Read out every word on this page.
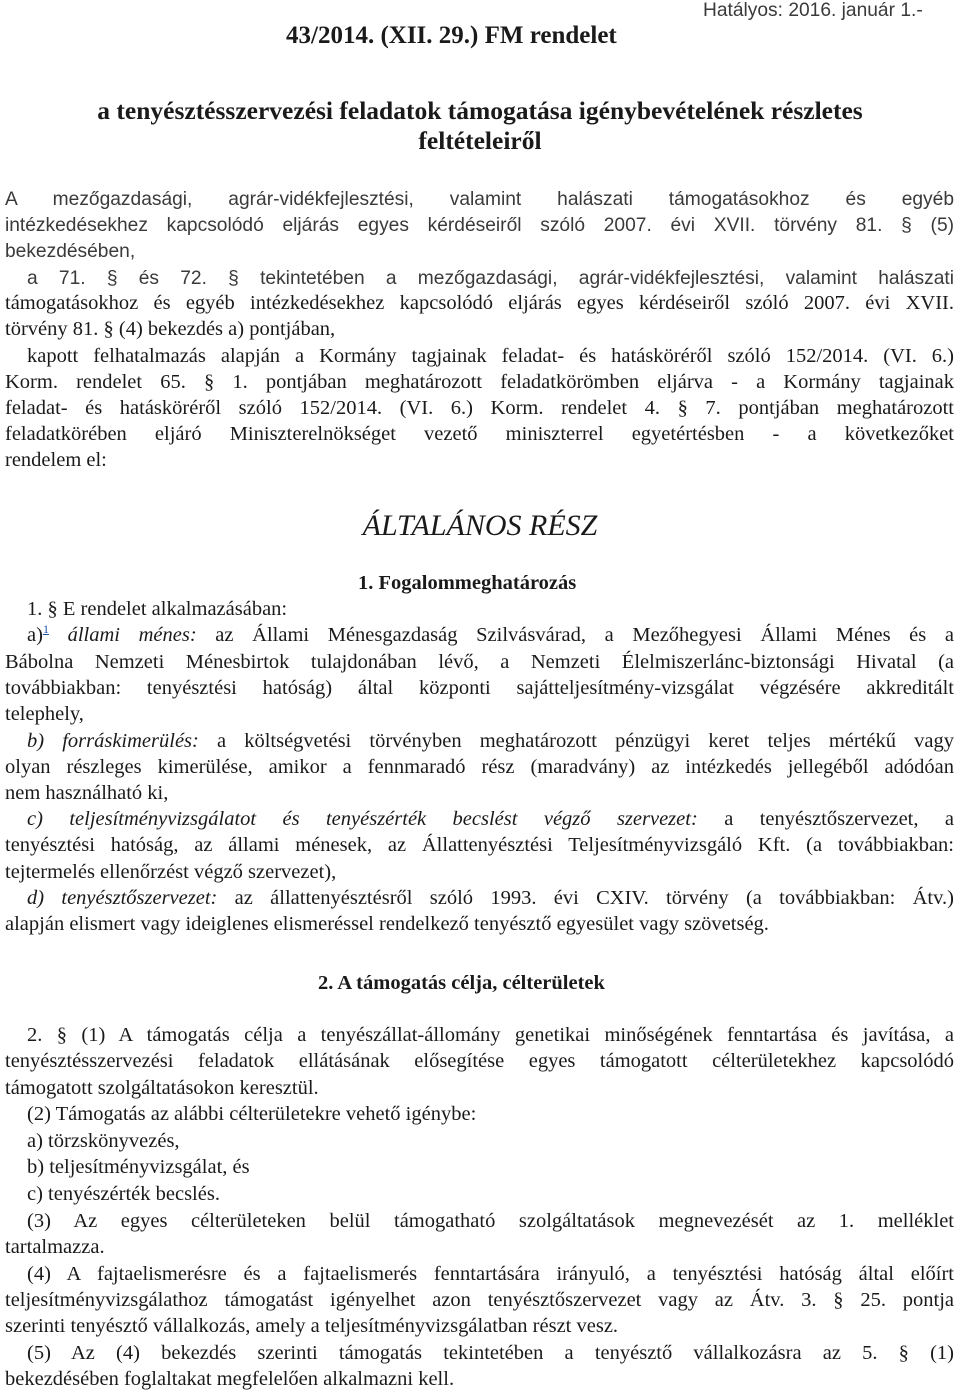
43/2014. (XII. 29.) FM rendelet
Hatályos: 2016. január 1.-
a tenyésztésszervezési feladatok támogatása igénybevételének részletes
feltételeiről
A mezőgazdasági, agrár-vidékfejlesztési, valamint halászati támogatásokhoz és egyéb
intézkedésekhez kapcsolódó eljárás egyes kérdéseiről szóló 2007. évi XVII. törvény 81. § (5)
bekezdésében,
a 71. § és 72. § tekintetében a mezőgazdasági, agrár-vidékfejlesztési, valamint halászati
támogatásokhoz és egyéb intézkedésekhez kapcsolódó eljárás egyes kérdéseiről szóló 2007. évi XVII.
törvény 81. § (4) bekezdés a) pontjában,
kapott felhatalmazás alapján a Kormány tagjainak feladat- és hatásköréről szóló 152/2014. (VI. 6.)
Korm. rendelet 65. § 1. pontjában meghatározott feladatkörömben eljárva - a Kormány tagjainak
feladat- és hatásköréről szóló 152/2014. (VI. 6.) Korm. rendelet 4. § 7. pontjában meghatározott
feladatkörében eljáró Miniszterelnökséget vezető miniszterrel egyetértésben - a következőket
rendelem el:
ÁLTALÁNOS RÉSZ
1. Fogalommeghatározás
1. § E rendelet alkalmazásában:
a)$^1$ állami ménes: az Állami Ménesgazdaság Szilvásvárad, a Mezőhegyesi Állami Ménes és a
Bábolna Nemzeti Ménesbirtok tulajdonában lévő, a Nemzeti Élelmiszerlánc-biztonsági Hivatal (a
továbbiakban: tenyésztési hatóság) által központi sajátteljesítmény-vizsgálat végzésére akkreditált
telephely,
b) forráskimerülés: a költségvetési törvényben meghatározott pénzügyi keret teljes mértékű vagy
olyan részleges kimerülése, amikor a fennmaradó rész (maradvány) az intézkedés jellegéből adódóan
nem használható ki,
c) teljesítményvizsgálatot és tenyészérték becslést végző szervezet: a tenyésztőszervezet, a
tenyésztési hatóság, az állami ménesek, az Állattenyésztési Teljesítményvizsgáló Kft. (a továbbiakban:
tejtermelés ellenőrzést végző szervezet),
d) tenyésztőszervezet: az állattenyésztésről szóló 1993. évi CXIV. törvény (a továbbiakban: Átv.)
alapján elismert vagy ideiglenes elismeréssel rendelkező tenyésztő egyesület vagy szövetség.
2. A támogatás célja, célterületek
2. § (1) A támogatás célja a tenyészállat-állomány genetikai minőségének fenntartása és javítása, a
tenyésztésszervezési feladatok ellátásának elősegítése egyes támogatott célterületekhez kapcsolódó
támogatott szolgáltatásokon keresztül.
(2) Támogatás az alábbi célterületekre vehető igénybe:
a) törzskönyvezés,
b) teljesítményvizsgálat, és
c) tenyészérték becslés.
(3) Az egyes célterületeken belül támogatható szolgáltatások megnevezését az 1. melléklet
tartalmazza.
(4) A fajtaelismerésre és a fajtaelismerés fenntartására irányuló, a tenyésztési hatóság által előírt
teljesítményvizsgálathoz támogatást igényelhet azon tenyésztőszervezet vagy az Átv. 3. § 25. pontja
szerinti tenyésztő vállalkozás, amely a teljesítményvizsgálatban részt vesz.
(5) Az (4) bekezdés szerinti támogatás tekintetében a tenyésztő vállalkozásra az 5. § (1)
bekezdésében foglaltakat megfelelően alkalmazni kell.
